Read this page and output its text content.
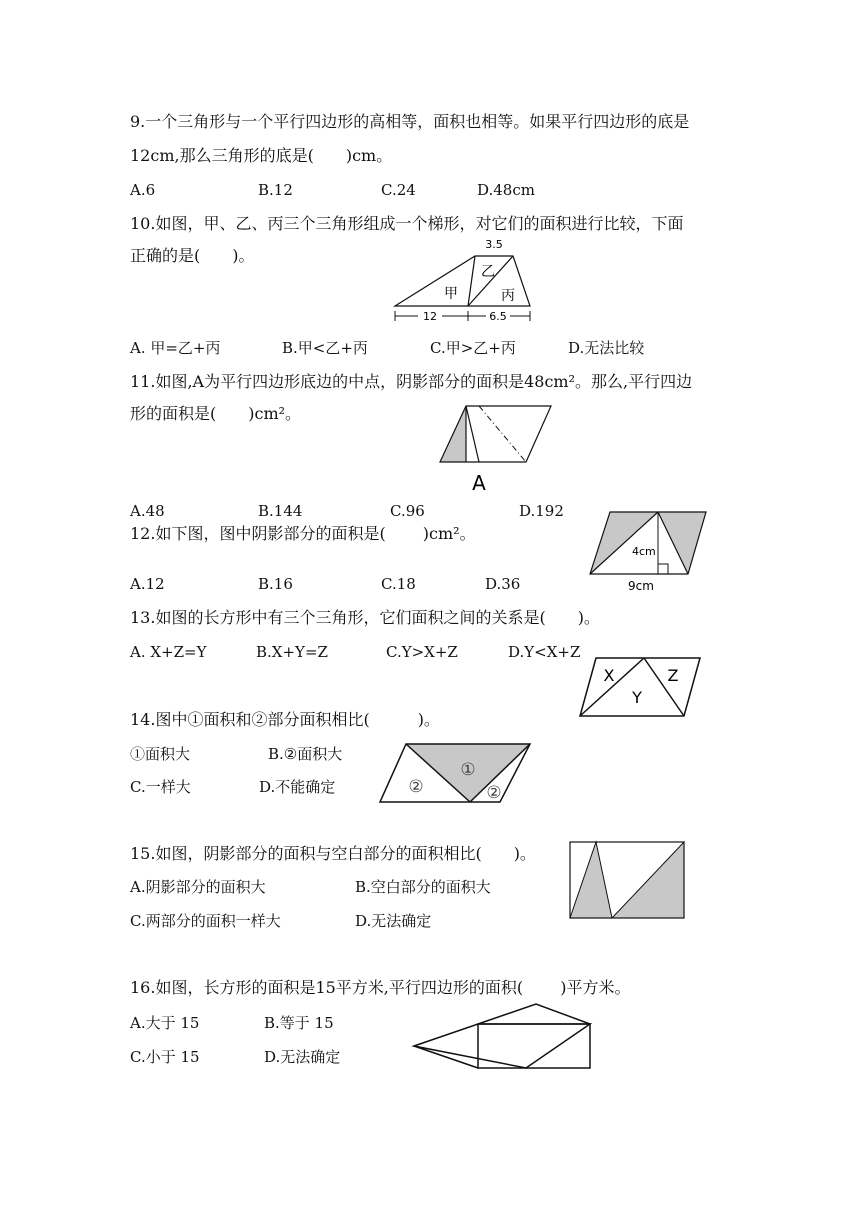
9.一个三角形与一个平行四边形的高相等，面积也相等。如果平行四边形的底是
12cm,那么三角形的底是(　　)cm。
A.6	B.12	C.24	D.48cm
10.如图，甲、乙、丙三个三角形组成一个梯形，对它们的面积进行比较，下面
正确的是(　　)。
3.5
乙
甲	丙
12	6.5
A. 甲=乙+丙	B.甲<乙+丙	C.甲>乙+丙	D.无法比较
11.如图,A为平行四边形底边的中点，阴影部分的面积是48cm²。那么,平行四边
形的面积是(　　)cm²。
A
A.48	B.144	C.96	D.192
12.如下图，图中阴影部分的面积是(　　 )cm²。
4cm
9cm
A.12	B.16	C.18	D.36
13.如图的长方形中有三个三角形，它们面积之间的关系是(　　)。
A. X+Z=Y	B.X+Y=Z	C.Y>X+Z	D.Y<X+Z
X
Y
Z
14.图中①面积和②部分面积相比(　　　)。
①面积大	B.②面积大
C.一样大	D.不能确定
①
②	②
15.如图，阴影部分的面积与空白部分的面积相比(　　)。
A.阴影部分的面积大	B.空白部分的面积大
C.两部分的面积一样大	D.无法确定
16.如图，长方形的面积是15平方米,平行四边形的面积(　　 )平方米。
A.大于 15	B.等于 15
C.小于 15	D.无法确定
